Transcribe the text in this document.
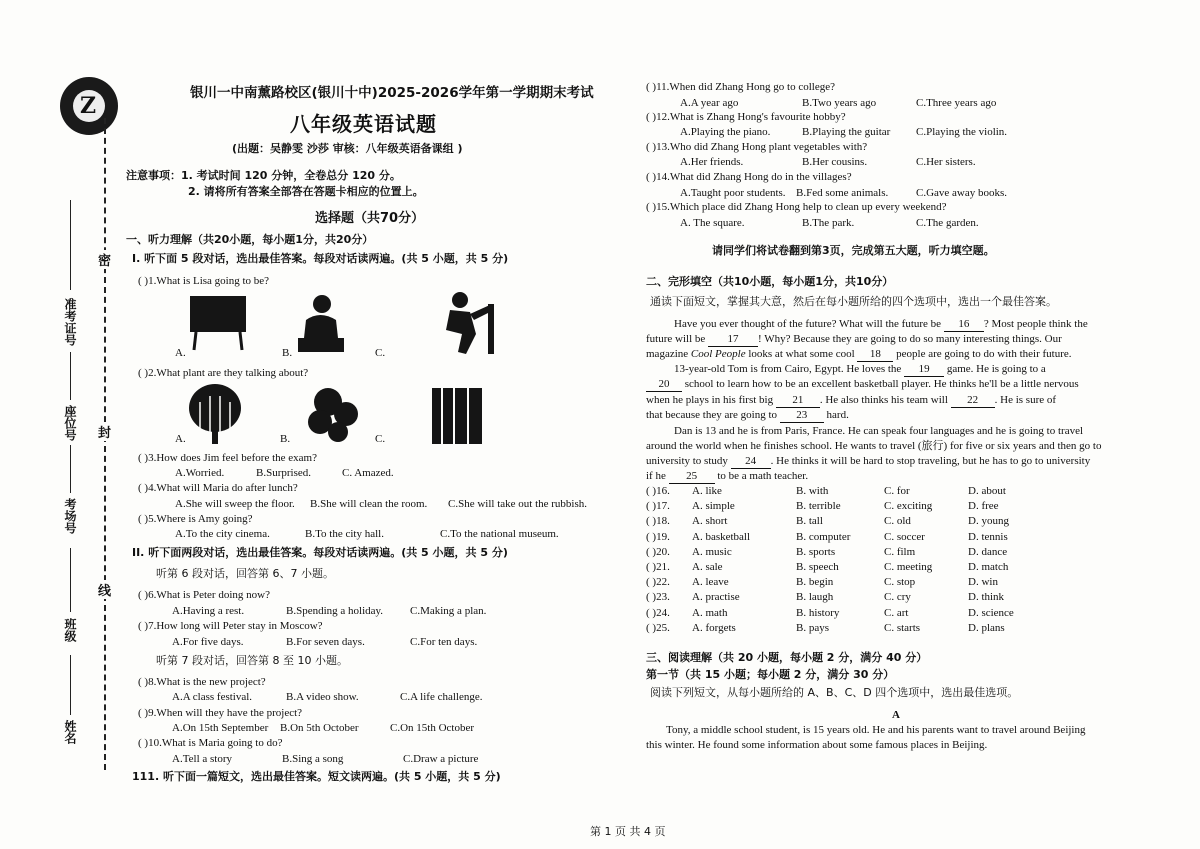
Z
密
封
线
准考证号
座位号
考场号
班级
姓名
银川一中南薰路校区(银川十中)2025-2026学年第一学期期末考试
八年级英语试题
(出题：吴静雯 沙莎 审核：八年级英语备课组 )
注意事项：1. 考试时间 120 分钟，全卷总分 120 分。
2. 请将所有答案全部答在答题卡相应的位置上。
选择题（共70分）
一、听力理解（共20小题，每小题1分，共20分）
I. 听下面 5 段对话，选出最佳答案。每段对话读两遍。(共 5 小题，共 5 分)
( )1.What is Lisa going to be?
A.	B.	C.
( )2.What plant are they talking about?
A.	B.	C.
( )3.How does Jim feel before the exam?
A.Worried.	B.Surprised.	C. Amazed.
( )4.What will Maria do after lunch?
A.She will sweep the floor. B.She will clean the room. C.She will take out the rubbish.
( )5.Where is Amy going?
A.To the city cinema.	B.To the city hall.	C.To the national museum.
II. 听下面两段对话，选出最佳答案。每段对话读两遍。(共 5 小题，共 5 分)
听第 6 段对话，回答第 6、7 小题。
( )6.What is Peter doing now?
A.Having a rest.	B.Spending a holiday. C.Making a plan.
( )7.How long will Peter stay in Moscow?
A.For five days.	B.For seven days.	C.For ten days.
听第 7 段对话，回答第 8 至 10 小题。
( )8.What is the new project?
A.A class festival.	B.A video show.	C.A life challenge.
( )9.When will they have the project?
A.On 15th September B.On 5th October	C.On 15th October
( )10.What is Maria going to do?
A.Tell a story	B.Sing a song	C.Draw a picture
111. 听下面一篇短文，选出最佳答案。短文读两遍。(共 5 小题，共 5 分)
( )11.When did Zhang Hong go to college?
A.A year ago	B.Two years ago	C.Three years ago
( )12.What is Zhang Hong's favourite hobby?
A.Playing the piano.	B.Playing the guitar C.Playing the violin.
( )13.Who did Zhang Hong plant vegetables with?
A.Her friends.	B.Her cousins.	C.Her sisters.
( )14.What did Zhang Hong do in the villages?
A.Taught poor students. B.Fed some animals.	C.Gave away books.
( )15.Which place did Zhang Hong help to clean up every weekend?
A. The square.	B.The park.	C.The garden.
请同学们将试卷翻到第3页，完成第五大题，听力填空题。
二、完形填空（共10小题，每小题1分，共10分）
通读下面短文，掌握其大意，然后在每小题所给的四个选项中，选出一个最佳答案。
Have you ever thought of the future? What will the future be 16 ? Most people think the
future will be 17 ! Why? Because they are going to do so many interesting things. Our
magazine Cool People looks at what some cool 18 people are going to do with their future.
13-year-old Tom is from Cairo, Egypt. He loves the 19 game. He is going to a
20 school to learn how to be an excellent basketball player. He thinks he'll be a little nervous
when he plays in his first big 21 . He also thinks his team will 22 . He is sure of
that because they are going to 23 hard.
Dan is 13 and he is from Paris, France. He can speak four languages and he is going to travel
around the world when he finishes school. He wants to travel (旅行) for five or six years and then go to
university to study 24 . He thinks it will be hard to stop traveling, but he has to go to university
if he 25 to be a math teacher.
( )16. A. like	B. with	C. for	D. about
( )17. A. simple	B. terrible	C. exciting	D. free
( )18. A. short	B. tall	C. old	D. young
( )19. A. basketball	B. computer	C. soccer	D. tennis
( )20. A. music	B. sports	C. film	D. dance
( )21. A. sale	B. speech	C. meeting	D. match
( )22. A. leave	B. begin	C. stop	D. win
( )23. A. practise	B. laugh	C. cry	D. think
( )24. A. math	B. history	C. art	D. science
( )25. A. forgets	B. pays	C. starts	D. plans
三、阅读理解（共 20 小题，每小题 2 分，满分 40 分）
第一节（共 15 小题；每小题 2 分，满分 30 分）
阅读下列短文，从每小题所给的 A、B、C、D 四个选项中，选出最佳选项。
A
Tony, a middle school student, is 15 years old. He and his parents want to travel around Beijing
this winter. He found some information about some famous places in Beijing.
第 1 页 共 4 页
